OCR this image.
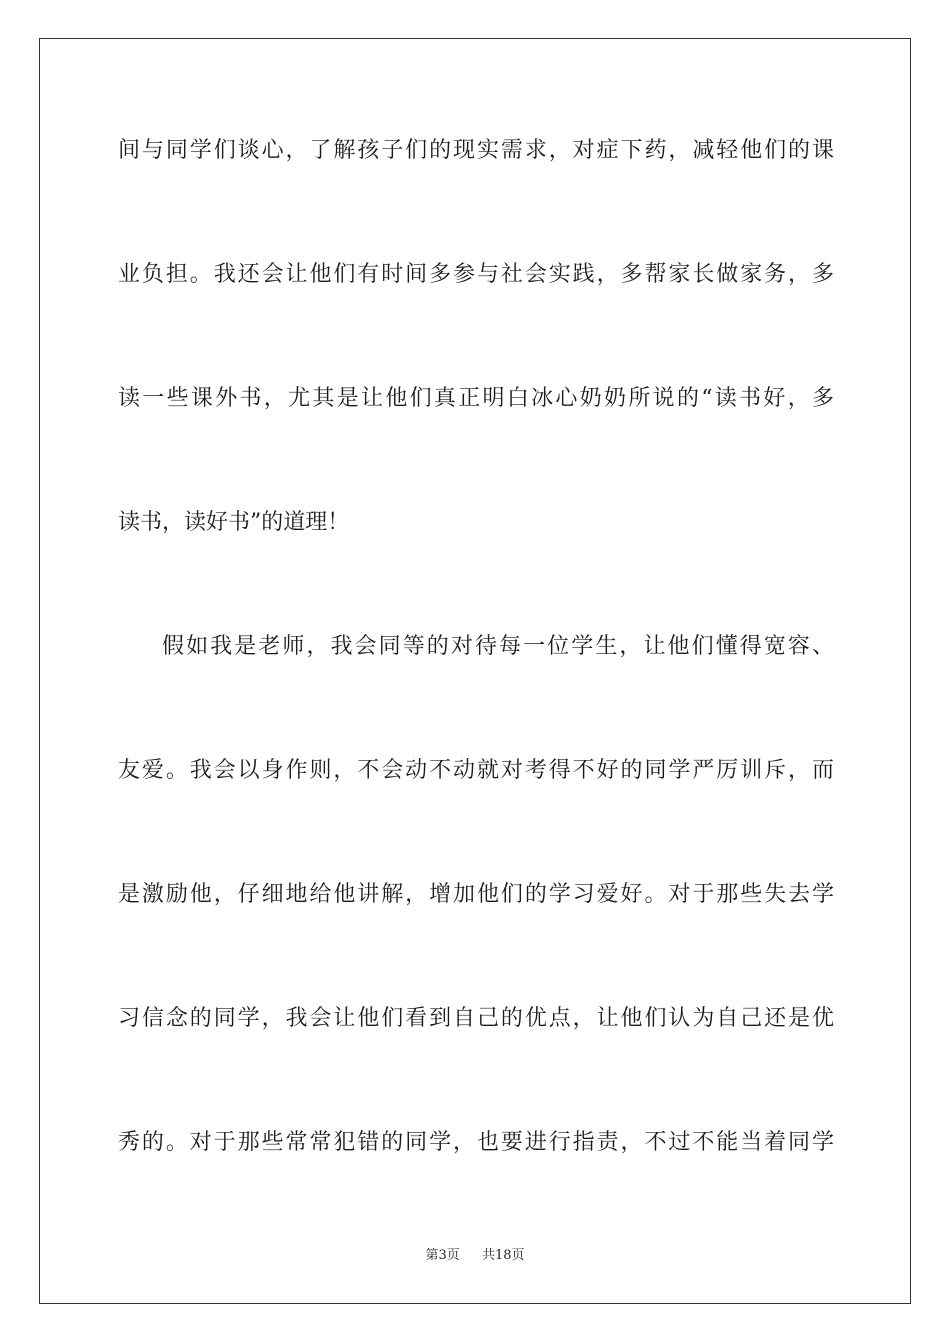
间与同学们谈心，了解孩子们的现实需求，对症下药，减轻他们的课
业负担。我还会让他们有时间多参与社会实践，多帮家长做家务，多
读一些课外书，尤其是让他们真正明白冰心奶奶所说的“读书好，多
读书，读好书”的道理！
假如我是老师，我会同等的对待每一位学生，让他们懂得宽容、
友爱。我会以身作则，不会动不动就对考得不好的同学严厉训斥，而
是激励他，仔细地给他讲解，增加他们的学习爱好。对于那些失去学
习信念的同学，我会让他们看到自己的优点，让他们认为自己还是优
秀的。对于那些常常犯错的同学，也要进行指责，不过不能当着同学
第3页 共18页
